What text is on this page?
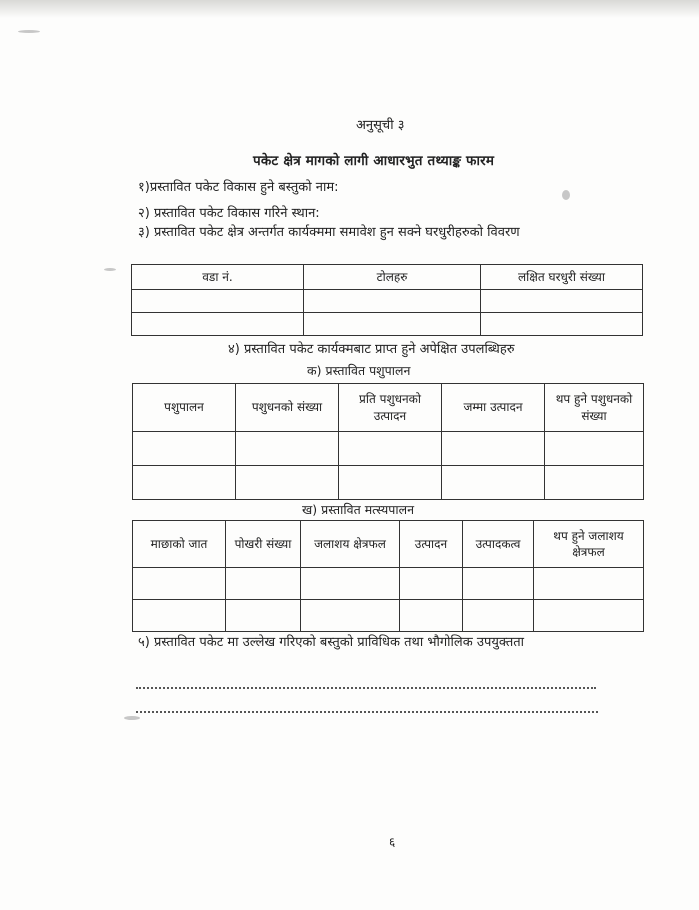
अनुसूची ३
पकेट क्षेत्र मागको लागी आधारभुत तथ्याङ्क फारम
१)प्रस्तावित पकेट विकास हुने बस्तुको नाम:
२) प्रस्तावित पकेट विकास गरिने स्थान:
३) प्रस्तावित पकेट क्षेत्र अन्तर्गत कार्यक्ममा समावेश हुन सक्ने घरधुरीहरुको विवरण
वडा नं.	टोलहरु	लक्षित घरधुरी संख्या

४) प्रस्तावित पकेट कार्यक्मबाट प्राप्त हुने अपेक्षित उपलब्धिहरु
क) प्रस्तावित पशुपालन
पशुपालन	पशुधनको संख्या	प्रति पशुधनको उत्पादन	जम्मा उत्पादन	थप हुने पशुधनको संख्या

ख) प्रस्तावित मत्स्यपालन
माछाको जात	पोखरी संख्या	जलाशय क्षेत्रफल	उत्पादन	उत्पादकत्व	थप हुने जलाशय क्षेत्रफल

५) प्रस्तावित पकेट मा उल्लेख गरिएको बस्तुको प्राविधिक तथा भौगोलिक उपयुक्तता
६
